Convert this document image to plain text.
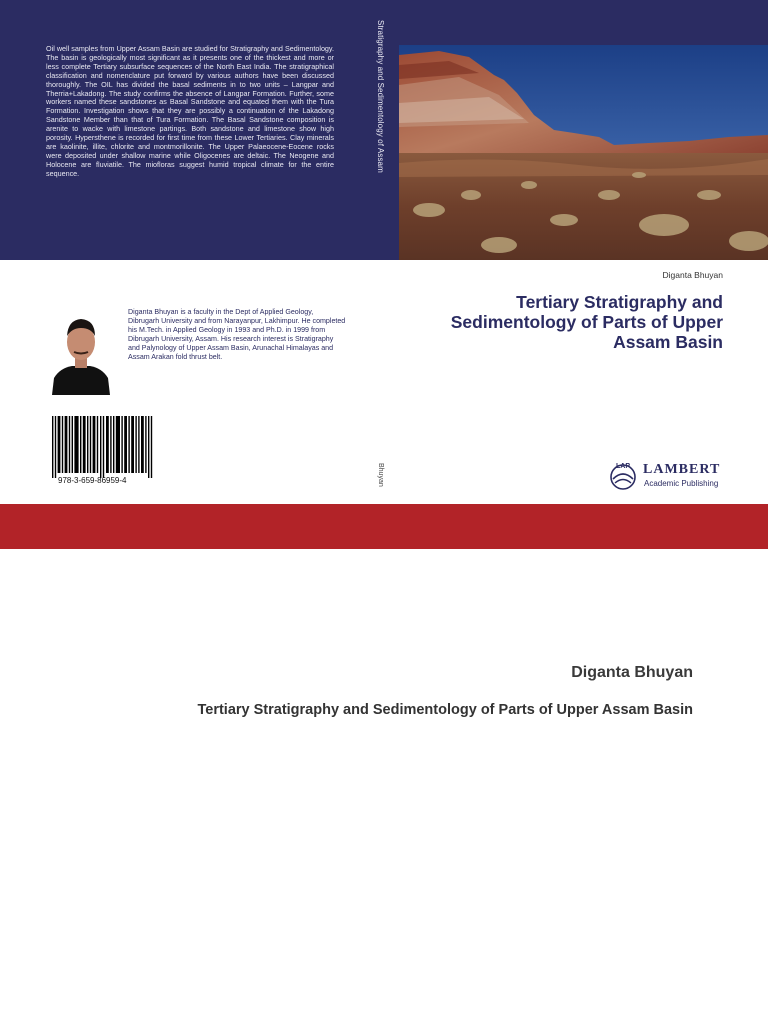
Oil well samples from Upper Assam Basin are studied for Stratigraphy and Sedimentology. The basin is geologically most significant as it presents one of the thickest and more or less complete Tertiary subsurface sequences of the North East India. The stratigraphical classification and nomenclature put forward by various authors have been discussed thoroughly. The OIL has divided the basal sediments in to two units – Langpar and Therria+Lakadong. The study confirms the absence of Langpar Formation. Further, some workers named these sandstones as Basal Sandstone and equated them with the Tura Formation. Investigation shows that they are possibly a continuation of the Lakadong Sandstone Member than that of Tura Formation. The Basal Sandstone composition is arenite to wacke with limestone partings. Both sandstone and limestone show high porosity. Hypersthene is recorded for first time from these Lower Tertiaries. Clay minerals are kaolinite, illite, chlorite and montmorillonite. The Upper Palaeocene-Eocene rocks were deposited under shallow marine while Oligocenes are deltaic. The Neogene and Holocene are fluviatile. The miofloras suggest humid tropical climate for the entire sequence.

Stratigraphy and Sedimentology of Assam

Diganta Bhuyan

Tertiary Stratigraphy and Sedimentology of Parts of Upper Assam Basin

Diganta Bhuyan is a faculty in the Dept of Applied Geology, Dibrugarh University and from Narayanpur, Lakhimpur. He completed his M.Tech. in Applied Geology in 1993 and Ph.D. in 1999 from Dibrugarh University, Assam. His research interest is Stratigraphy and Palynology of Upper Assam Basin, Arunachal Himalayas and Assam Arakan fold thrust belt.

978-3-659-86959-4	Bhuyan	LAP LAMBERT

Academic Publishing

Diganta Bhuyan

Tertiary Stratigraphy and Sedimentology of Parts of Upper Assam Basin
